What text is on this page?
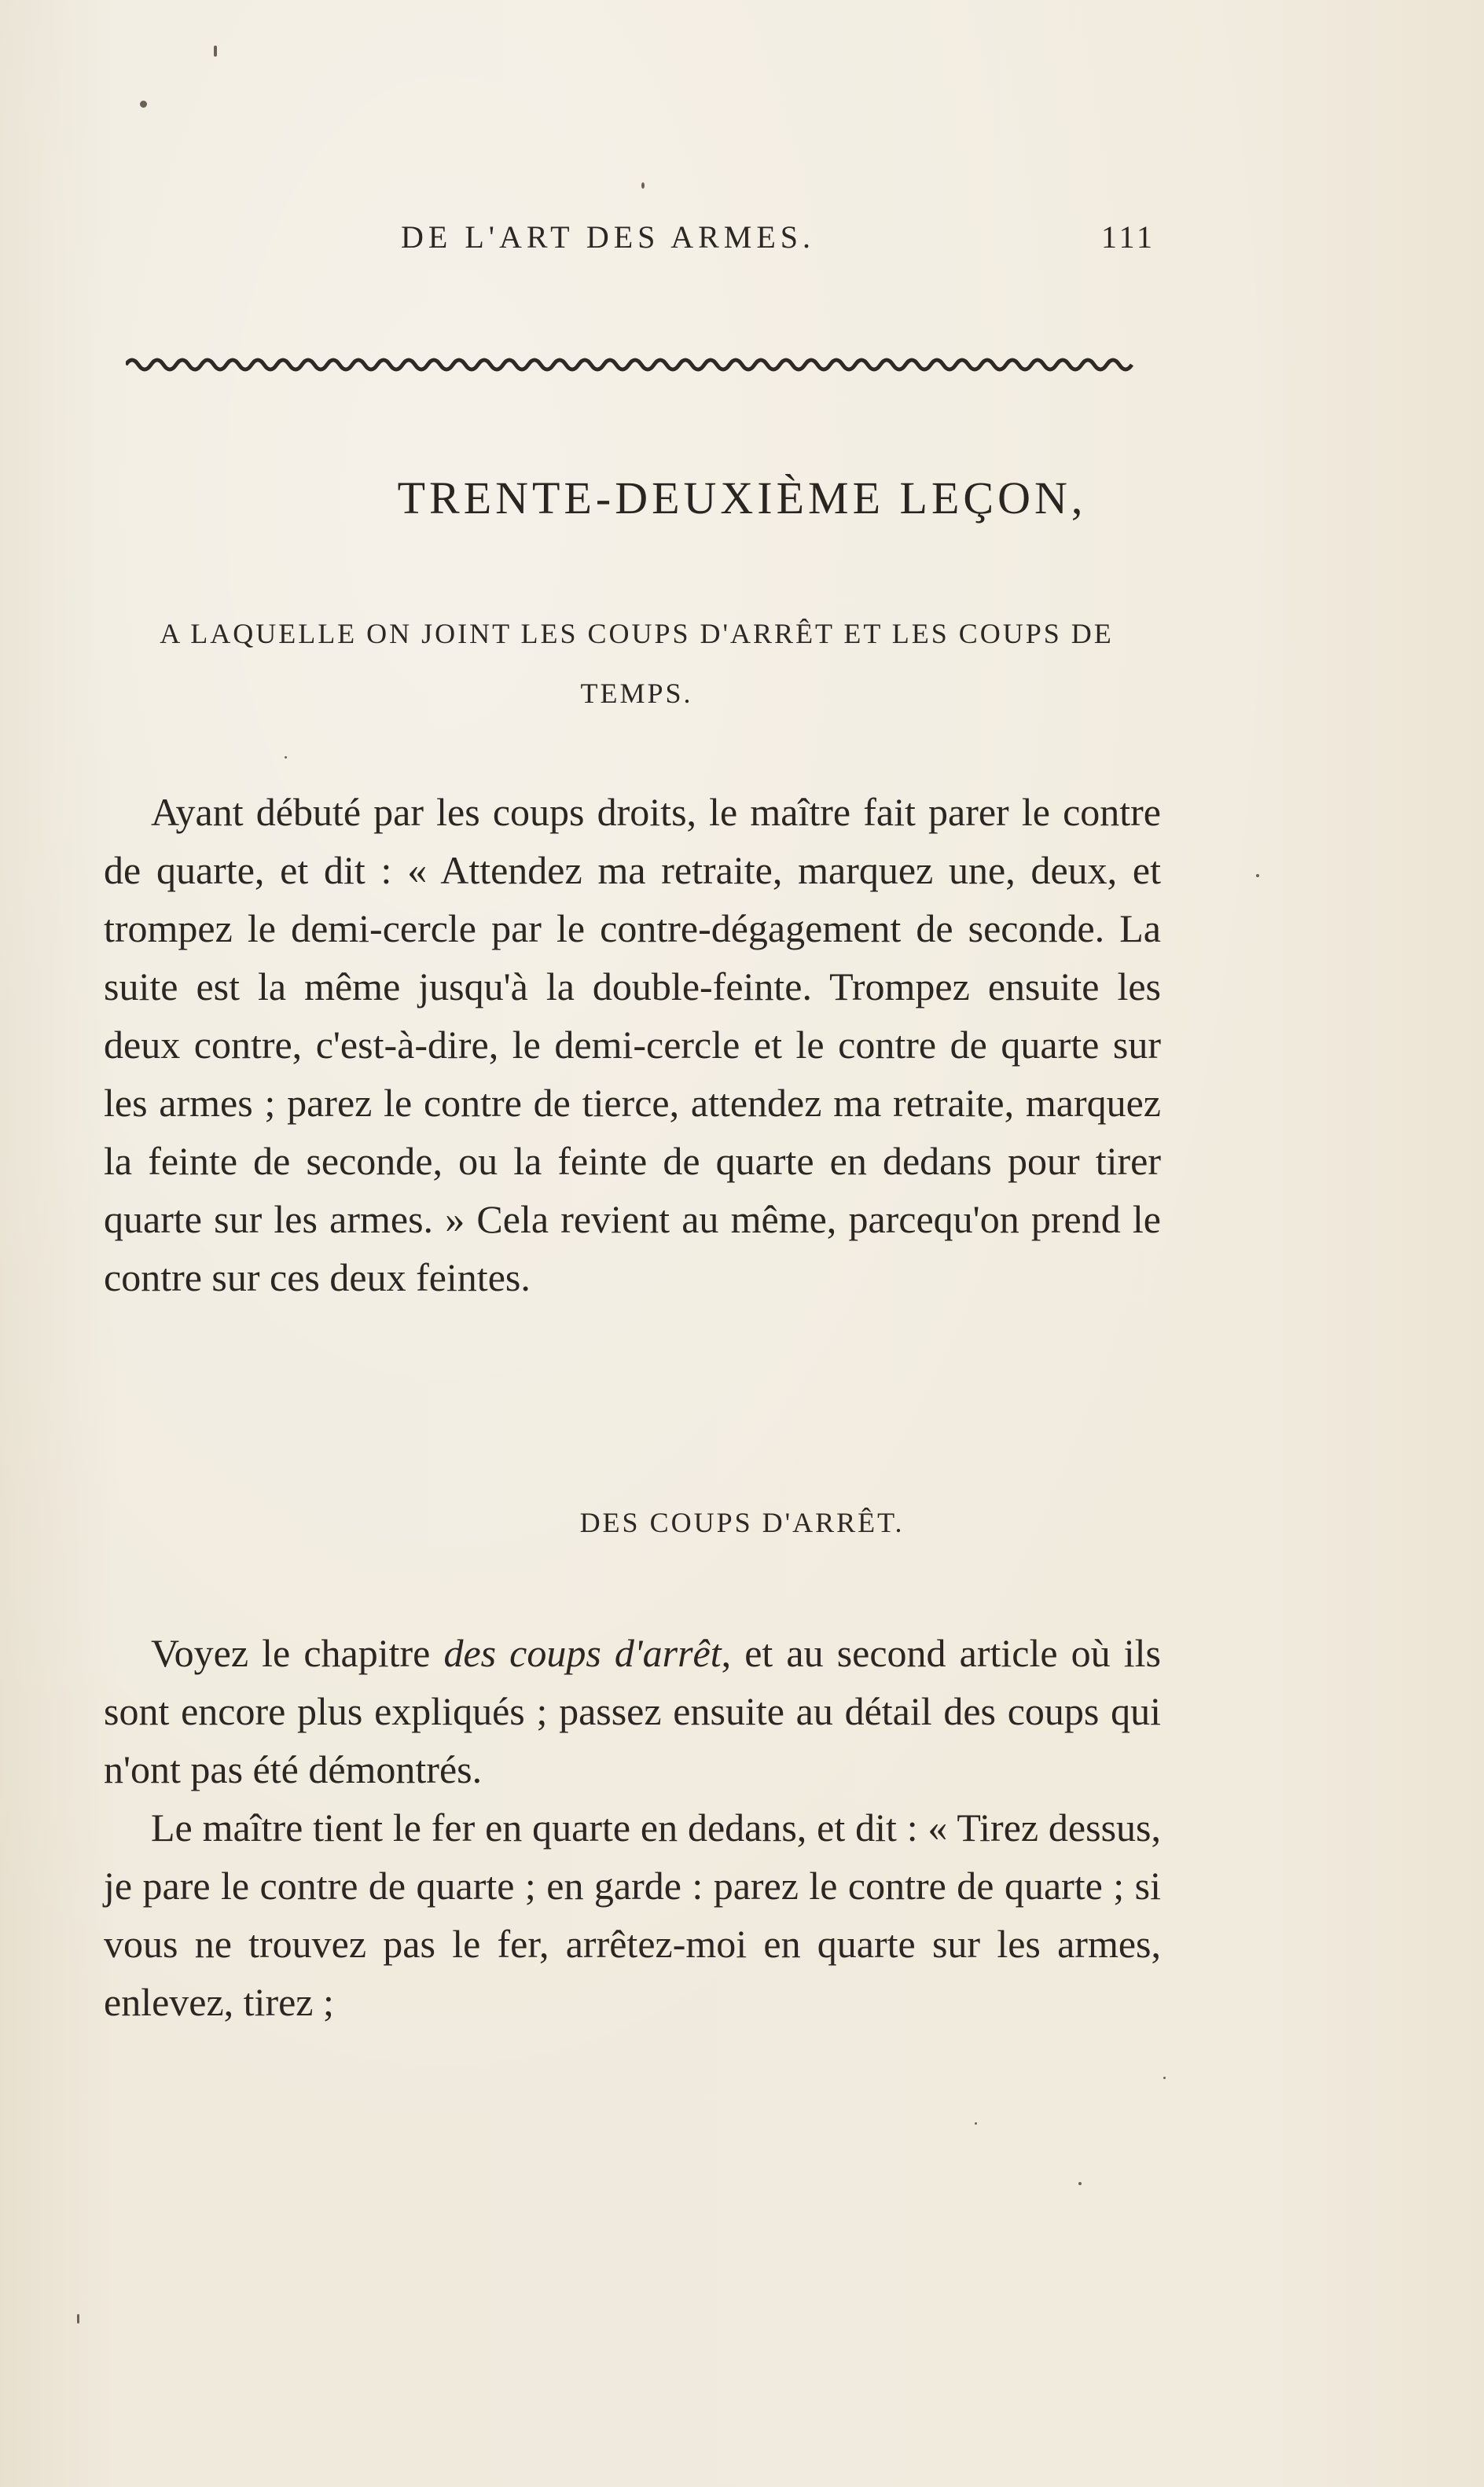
DE L'ART DES ARMES.	111
TRENTE-DEUXIÈME LEÇON,
A LAQUELLE ON JOINT LES COUPS D'ARRÊT ET LES COUPS DE TEMPS.

Ayant débuté par les coups droits, le maître fait parer le contre de quarte, et dit : « Attendez ma retraite, marquez une, deux, et trompez le demi-cercle par le contre-dégagement de seconde. La suite est la même jusqu'à la double-feinte. Trompez ensuite les deux contre, c'est-à-dire, le demi-cercle et le contre de quarte sur les armes ; parez le contre de tierce, attendez ma retraite, marquez la feinte de seconde, ou la feinte de quarte en dedans pour tirer quarte sur les armes. » Cela revient au même, parcequ'on prend le contre sur ces deux feintes.

DES COUPS D'ARRÊT.

Voyez le chapitre des coups d'arrêt, et au second article où ils sont encore plus expliqués ; passez ensuite au détail des coups qui n'ont pas été démontrés.

Le maître tient le fer en quarte en dedans, et dit : « Tirez dessus, je pare le contre de quarte ; en garde : parez le contre de quarte ; si vous ne trouvez pas le fer, arrêtez-moi en quarte sur les armes, enlevez, tirez ;
